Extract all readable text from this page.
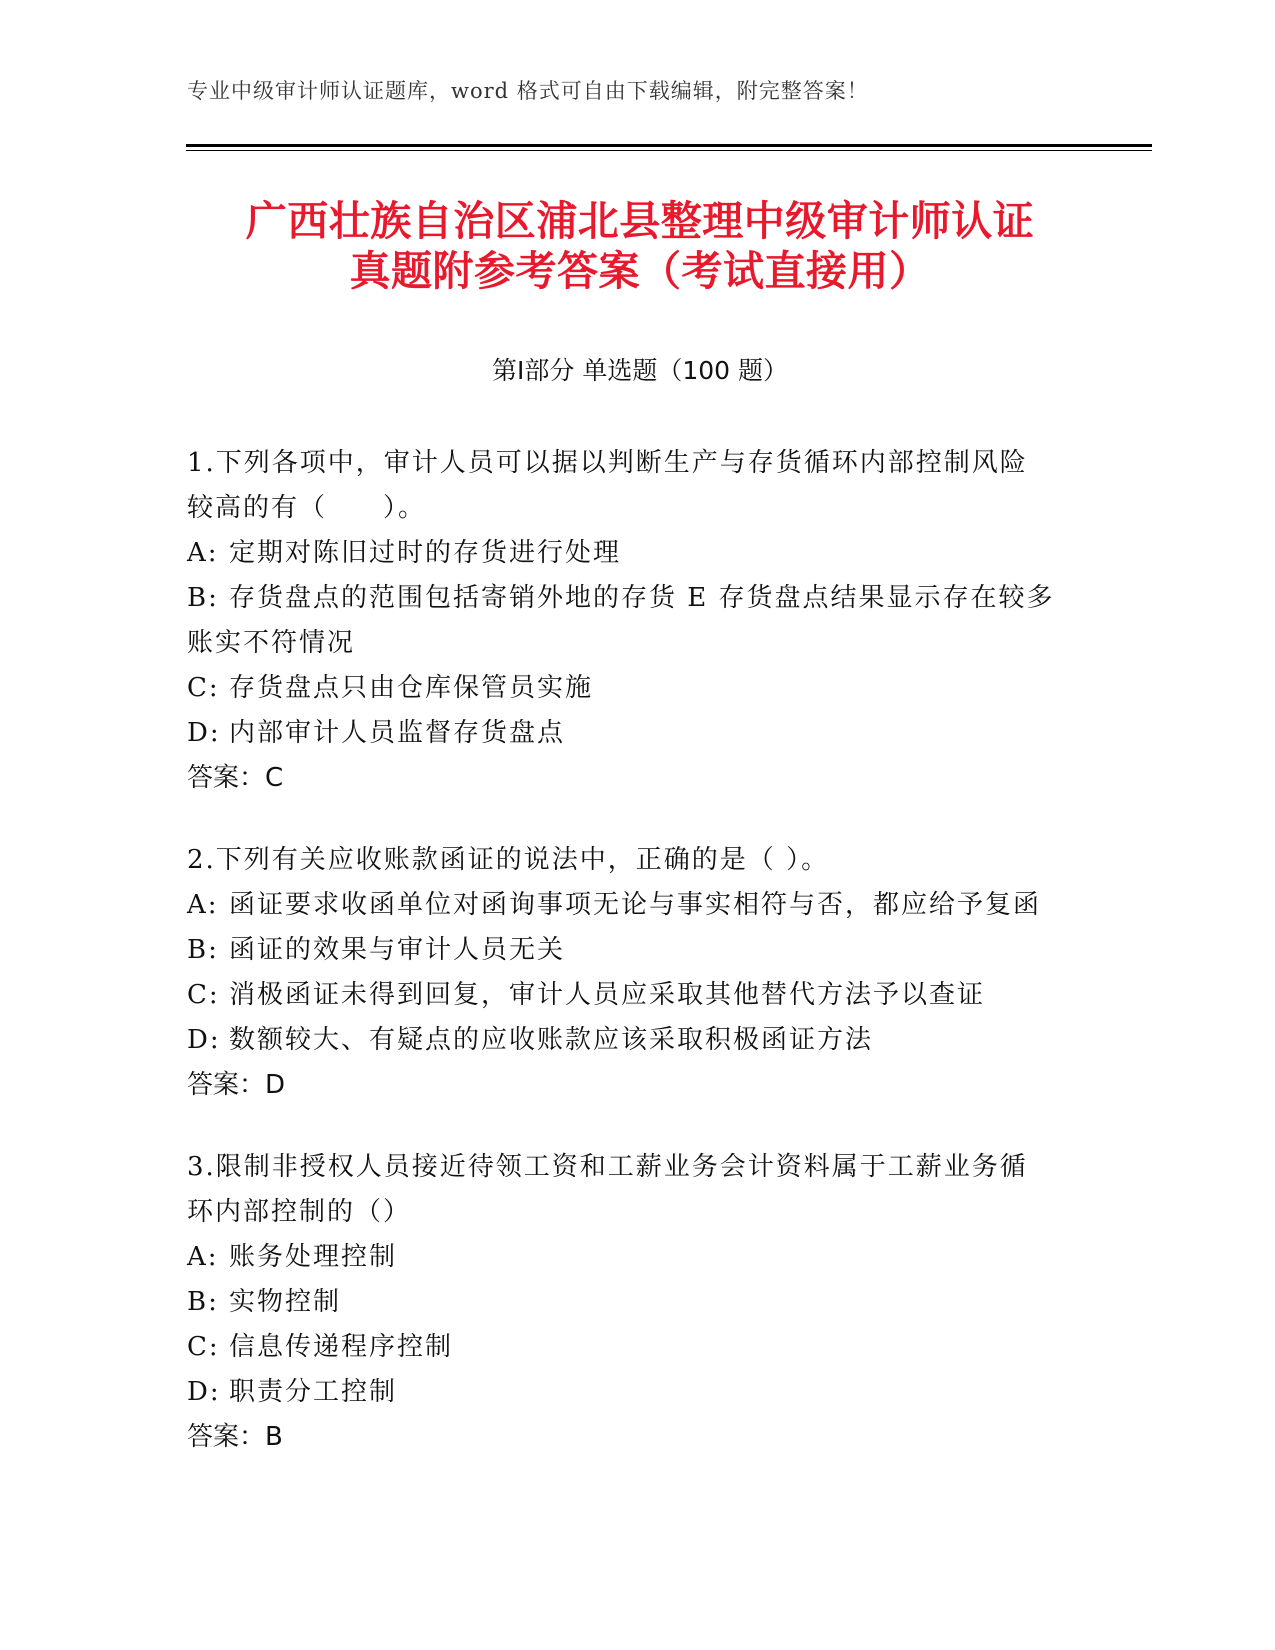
专业中级审计师认证题库，word 格式可自由下载编辑，附完整答案！
广西壮族自治区浦北县整理中级审计师认证
真题附参考答案（考试直接用）
第Ⅰ部分 单选题（100 题）
1.下列各项中，审计人员可以据以判断生产与存货循环内部控制风险
较高的有（　　）。
A: 定期对陈旧过时的存货进行处理
B: 存货盘点的范围包括寄销外地的存货 E 存货盘点结果显示存在较多
账实不符情况
C: 存货盘点只由仓库保管员实施
D: 内部审计人员监督存货盘点
答案：C
2.下列有关应收账款函证的说法中，正确的是（ ）。
A: 函证要求收函单位对函询事项无论与事实相符与否，都应给予复函
B: 函证的效果与审计人员无关
C: 消极函证未得到回复，审计人员应采取其他替代方法予以查证
D: 数额较大、有疑点的应收账款应该采取积极函证方法
答案：D
3.限制非授权人员接近待领工资和工薪业务会计资料属于工薪业务循
环内部控制的（）
A: 账务处理控制
B: 实物控制
C: 信息传递程序控制
D: 职责分工控制
答案：B
